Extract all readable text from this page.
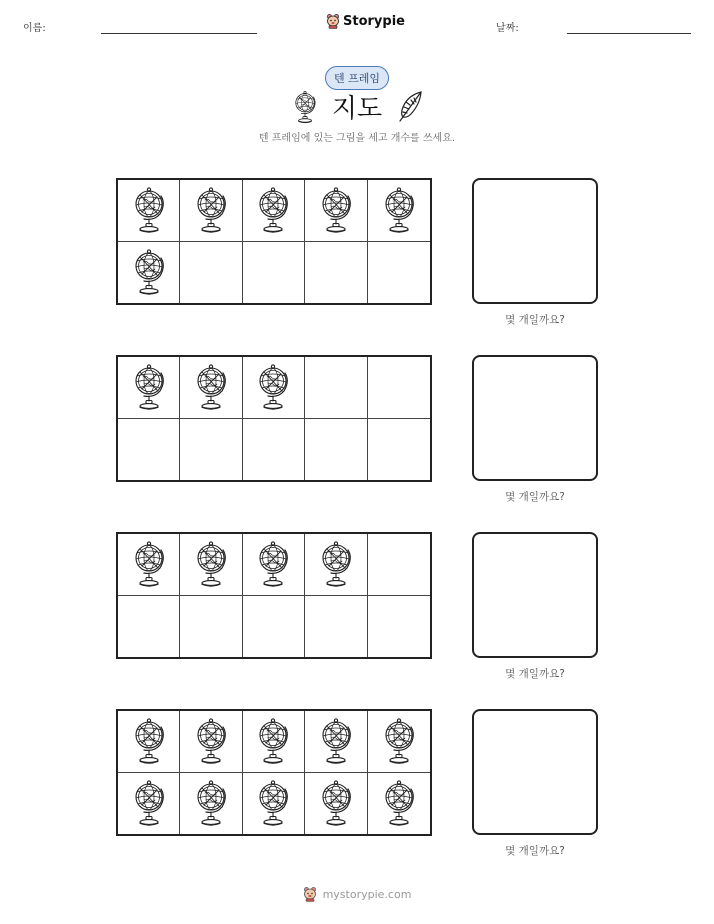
이름:	Storypie	날짜:
텐 프레임
지도
텐 프레임에 있는 그림을 세고 개수를 쓰세요.
몇 개일까요?
몇 개일까요?
몇 개일까요?
몇 개일까요?
mystorypie.com
